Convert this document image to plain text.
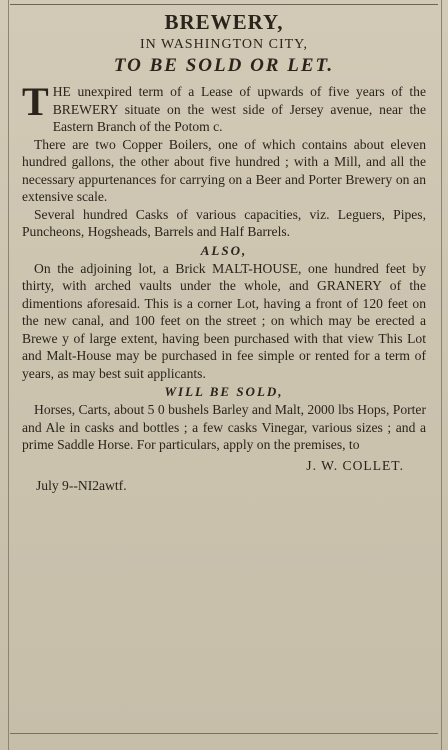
BREWERY,
IN WASHINGTON CITY,
TO BE SOLD OR LET.
T HE unexpired term of a Lease of upwards of five years of the BREWERY situate on the west side of Jersey avenue, near the Eastern Branch of the Potom c.

There are two Copper Boilers, one of which contains about eleven hundred gallons, the other about five hundred ; with a Mill, and all the necessary appurtenances for carrying on a Beer and Porter Brewery on an extensive scale.

Several hundred Casks of various capacities, viz. Leguers, Pipes, Puncheons, Hogsheads, Barrels and Half Barrels.

ALSO,

On the adjoining lot, a Brick MALT-HOUSE, one hundred feet by thirty, with arched vaults under the whole, and GRANERY of the dimentions aforesaid. This is a corner Lot, having a front of 120 feet on the new canal, and 100 feet on the street ; on which may be erected a Brewe y of large extent, having been purchased with that view This Lot and Malt-House may be purchased in fee simple or rented for a term of years, as may best suit applicants.

WILL BE SOLD,

Horses, Carts, about 5 0 bushels Barley and Malt, 2000 lbs Hops, Porter and Ale in casks and bottles ; a few casks Vinegar, various sizes ; and a prime Saddle Horse. For particulars, apply on the premises, to

J. W. COLLET.
July 9--NI2awtf.
